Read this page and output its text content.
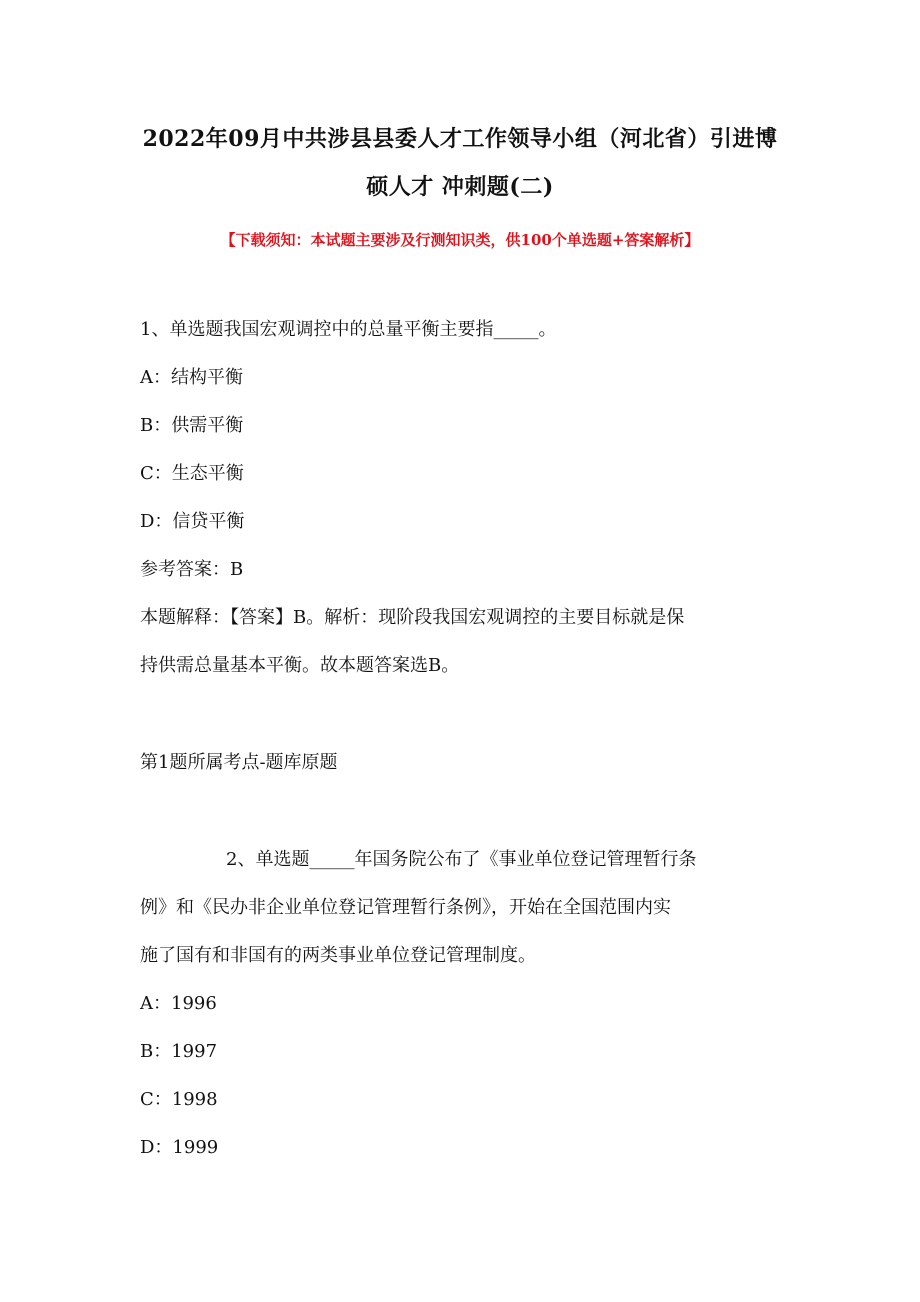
2022年09月中共涉县县委人才工作领导小组（河北省）引进博
硕人才 冲刺题(二)
【下载须知：本试题主要涉及行测知识类，供100个单选题+答案解析】
1、单选题我国宏观调控中的总量平衡主要指_____。
A：结构平衡
B：供需平衡
C：生态平衡
D：信贷平衡
参考答案：B
本题解释：【答案】B。解析：现阶段我国宏观调控的主要目标就是保
持供需总量基本平衡。故本题答案选B。
第1题所属考点-题库原题
2、单选题_____年国务院公布了《事业单位登记管理暂行条
例》和《民办非企业单位登记管理暂行条例》，开始在全国范围内实
施了国有和非国有的两类事业单位登记管理制度。
A：1996
B：1997
C：1998
D：1999
